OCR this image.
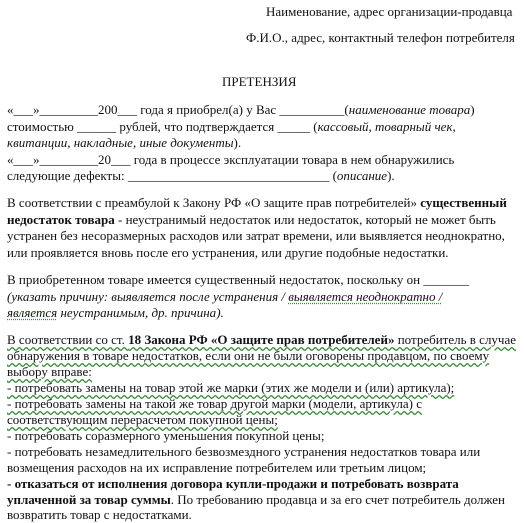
Наименование, адрес организации-продавца
Ф.И.О., адрес, контактный телефон потребителя
ПРЕТЕНЗИЯ
«___»_________200___ года я приобрел(а) у Вас __________(наименование товара)
стоимостью ______ рублей, что подтверждается _____ (кассовый, товарный чек,
квитанции, накладные, иные документы).
«___»_________20___ года в процессе эксплуатации товара в нем обнаружились
следующие дефекты: _______________________________ (описание).
В соответствии с преамбулой к Закону РФ «О защите прав потребителей» существенный
недостаток товара - неустранимый недостаток или недостаток, который не может быть
устранен без несоразмерных расходов или затрат времени, или выявляется неоднократно,
или проявляется вновь после его устранения, или другие подобные недостатки.
В приобретенном товаре имеется существенный недостаток, поскольку он _______
(указать причину: выявляется после устранения / выявляется неоднократно /
является неустранимым, др. причина).
В соответствии со ст. 18 Закона РФ «О защите прав потребителей» потребитель в случае
обнаружения в товаре недостатков, если они не были оговорены продавцом, по своему
выбору вправе:
- потребовать замены на товар этой же марки (этих же модели и (или) артикула);
- потребовать замены на такой же товар другой марки (модели, артикула) с
соответствующим перерасчетом покупной цены;
- потребовать соразмерного уменьшения покупной цены;
- потребовать незамедлительного безвозмездного устранения недостатков товара или
возмещения расходов на их исправление потребителем или третьим лицом;
- отказаться от исполнения договора купли-продажи и потребовать возврата
уплаченной за товар суммы. По требованию продавца и за его счет потребитель должен
возвратить товар с недостатками.
